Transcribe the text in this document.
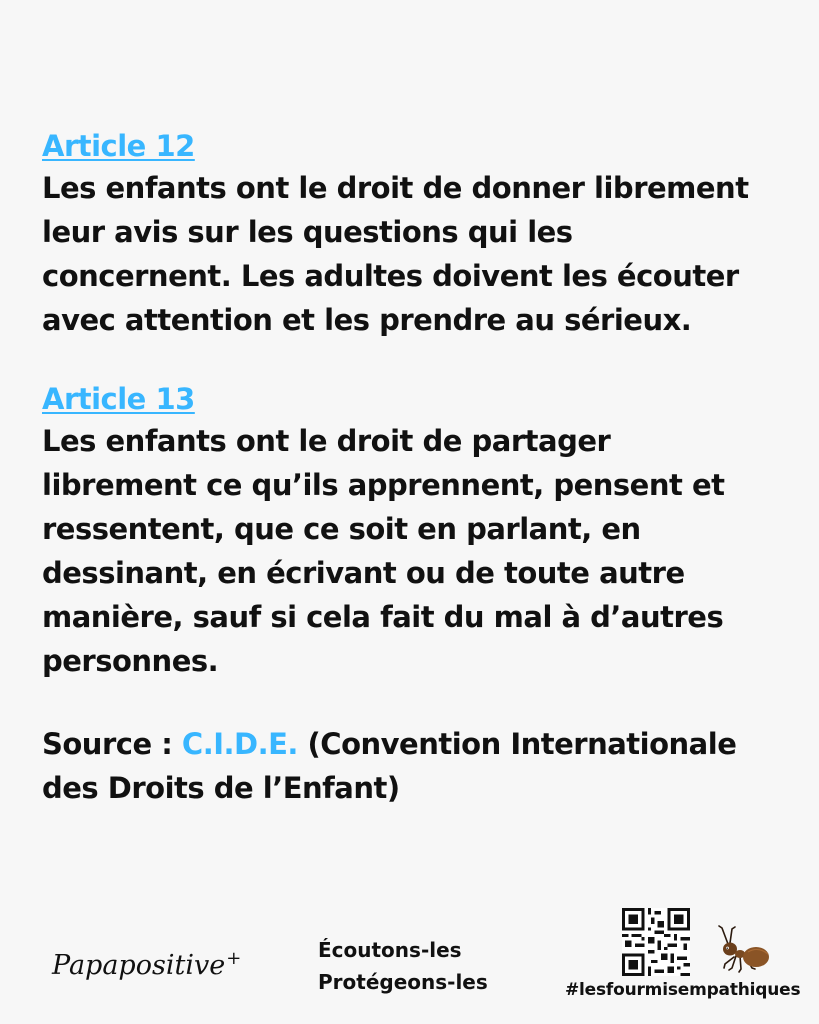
Article 12

Les enfants ont le droit de donner librement
leur avis sur les questions qui les
concernent. Les adultes doivent les écouter
avec attention et les prendre au sérieux.

Article 13

Les enfants ont le droit de partager
librement ce qu’ils apprennent, pensent et
ressentent, que ce soit en parlant, en
dessinant, en écrivant ou de toute autre
manière, sauf si cela fait du mal à d’autres
personnes.

Source : C.I.D.E. (Convention Internationale
des Droits de l’Enfant)

Papapositive+	Écoutons-les
Protégeons-les	#lesfourmisempathiques
